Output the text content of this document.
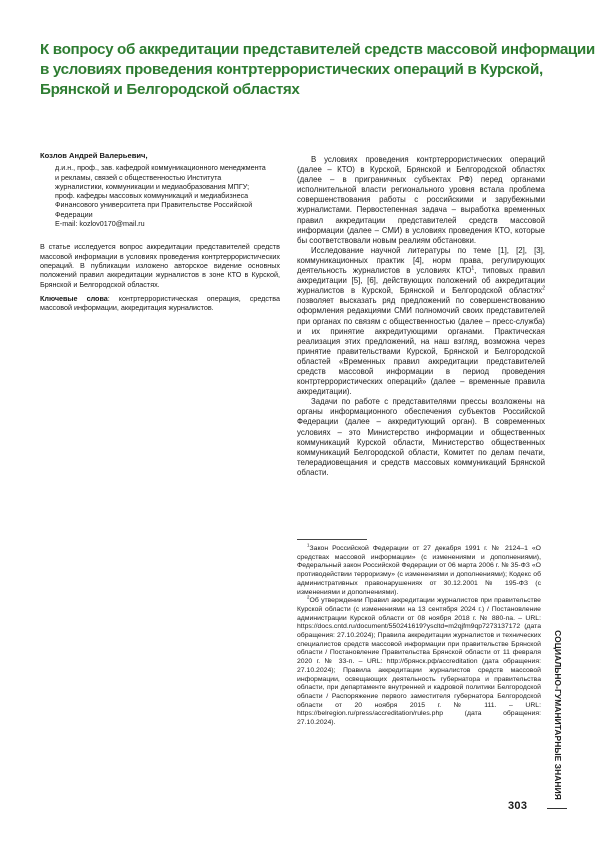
К вопросу об аккредитации представителей средств массовой информации
в условиях проведения контртеррористических операций в Курской,
Брянской и Белгородской областях

Козлов Андрей Валерьевич,

д.и.н., проф., зав. кафедрой коммуникационного менеджмента
и рекламы, связей с общественностью Института
журналистики, коммуникации и медиаобразования МПГУ;
проф. кафедры массовых коммуникаций и медиабизнеса
Финансового университета при Правительстве Российской
Федерации
E-mail: kozlov0170@mail.ru

В статье исследуется вопрос аккредитации представителей средств массовой информации в условиях проведения контртеррористических операций. В публикации изложено авторское видение основных положений правил аккредитации журналистов в зоне КТО в Курской, Брянской и Белгородской областях.

Ключевые слова: контртеррористическая операция, средства массовой информации, аккредитация журналистов.

В условиях проведения контртеррористических операций (далее – КТО) в Курской, Брянской и Белгородской областях (далее – в приграничных субъектах РФ) перед органами исполнительной власти регионального уровня встала проблема совершенствования работы с российскими и зарубежными журналистами. Первостепенная задача – выработка временных правил аккредитации представителей средств массовой информации (далее – СМИ) в условиях проведения КТО, которые бы соответствовали новым реалиям обстановки.

Исследование научной литературы по теме [1], [2], [3], коммуникационных практик [4], норм права, регулирующих деятельность журналистов в условиях КТО$^1$, типовых правил аккредитации [5], [6], действующих положений об аккредитации журналистов в Курской, Брянской и Белгородской областях$^2$ позволяет высказать ряд предложений по совершенствованию оформления редакциями СМИ полномочий своих представителей при органах по связям с общественностью (далее – пресс-служба) и их принятие аккредитующими органами. Практическая реализация этих предложений, на наш взгляд, возможна через принятие правительствами Курской, Брянской и Белгородской областей «Временных правил аккредитации представителей средств массовой информации в период проведения контртеррористических операций» (далее – временные правила аккредитации).

Задачи по работе с представителями прессы возложены на органы информационного обеспечения субъектов Российской Федерации (далее – аккредитующий орган). В современных условиях – это Министерство информации и общественных коммуникаций Курской области, Министерство общественных коммуникаций Белгородской области, Комитет по делам печати, телерадиовещания и средств массовых коммуникаций Брянской области.

$^1$Закон Российской Федерации от 27 декабря 1991 г. № 2124–1 «О средствах массовой информации» (с изменениями и дополнениями), Федеральный закон Российской Федерации от 06 марта 2006 г. № 35-ФЗ «О противодействии терроризму» (с изменениями и дополнениями); Кодекс об административных правонарушениях от 30.12.2001 № 195-ФЗ (с изменениями и дополнениями).

$^2$Об утверждении Правил аккредитации журналистов при правительстве Курской области (с изменениями на 13 сентября 2024 г.) / Постановление администрации Курской области от 08 ноября 2018 г. № 880-па. – URL: https://docs.cntd.ru/document/550241619?yscltd=m2qjfm9qp7273137172 (дата обращения: 27.10.2024); Правила аккредитации журналистов и технических специалистов средств массовой информации при правительстве Брянской области / Постановление Правительства Брянской области от 11 февраля 2020 г. № 33-п. – URL: http://брянск.рф/accreditation (дата обращения: 27.10.2024); Правила аккредитации журналистов средств массовой информации, освещающих деятельность губернатора и правительства области, при департаменте внутренней и кадровой политики Белгородской области / Распоряжение первого заместителя губернатора Белгородской области от 20 ноября 2015 г. № 111. – URL: https://belregion.ru/press/accreditation/rules.php (дата обращения: 27.10.2024).	СОЦИАЛЬНО-ГУМАНИТАРНЫЕ ЗНАНИЯ
303
